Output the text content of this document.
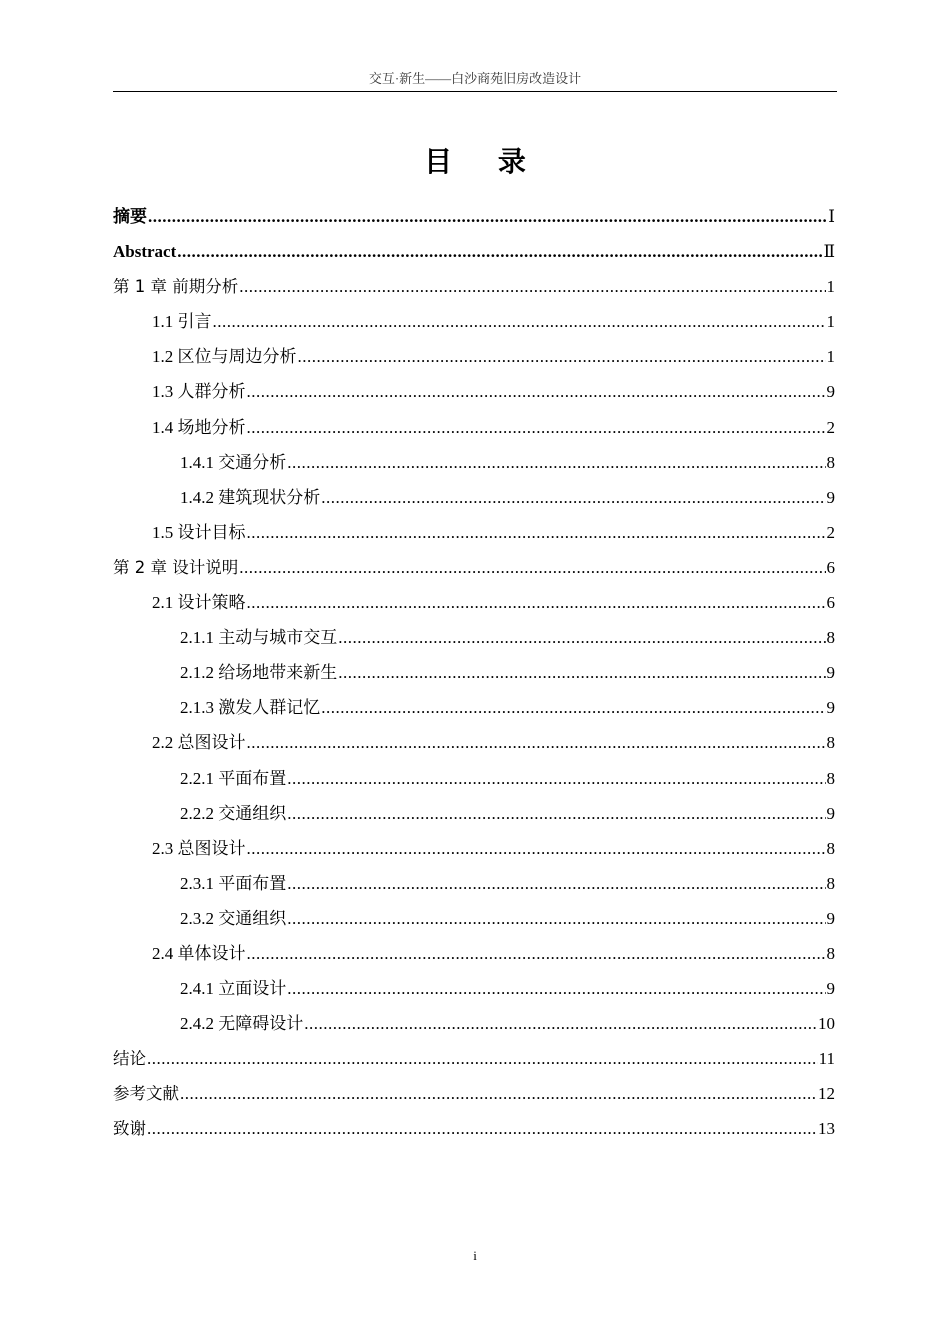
交互·新生——白沙商苑旧房改造设计
目 录
摘要 .....	Ⅰ
Abstract .....	Ⅱ
第 1 章 前期分析 .....	1
1.1 引言 .....	1
1.2 区位与周边分析 .....	1
1.3 人群分析 .....	9
1.4 场地分析 .....	2
1.4.1 交通分析 .....	8
1.4.2 建筑现状分析 .....	9
1.5 设计目标 .....	2
第 2 章 设计说明 .....	6
2.1 设计策略 .....	6
2.1.1 主动与城市交互 .....	8
2.1.2 给场地带来新生 .....	9
2.1.3 激发人群记忆 .....	9
2.2 总图设计 .....	8
2.2.1 平面布置 .....	8
2.2.2 交通组织 .....	9
2.3 总图设计 .....	8
2.3.1 平面布置 .....	8
2.3.2 交通组织 .....	9
2.4 单体设计 .....	8
2.4.1 立面设计 .....	9
2.4.2 无障碍设计 .....	10
结论 .....	11
参考文献 .....	12
致谢 .....	13
i
